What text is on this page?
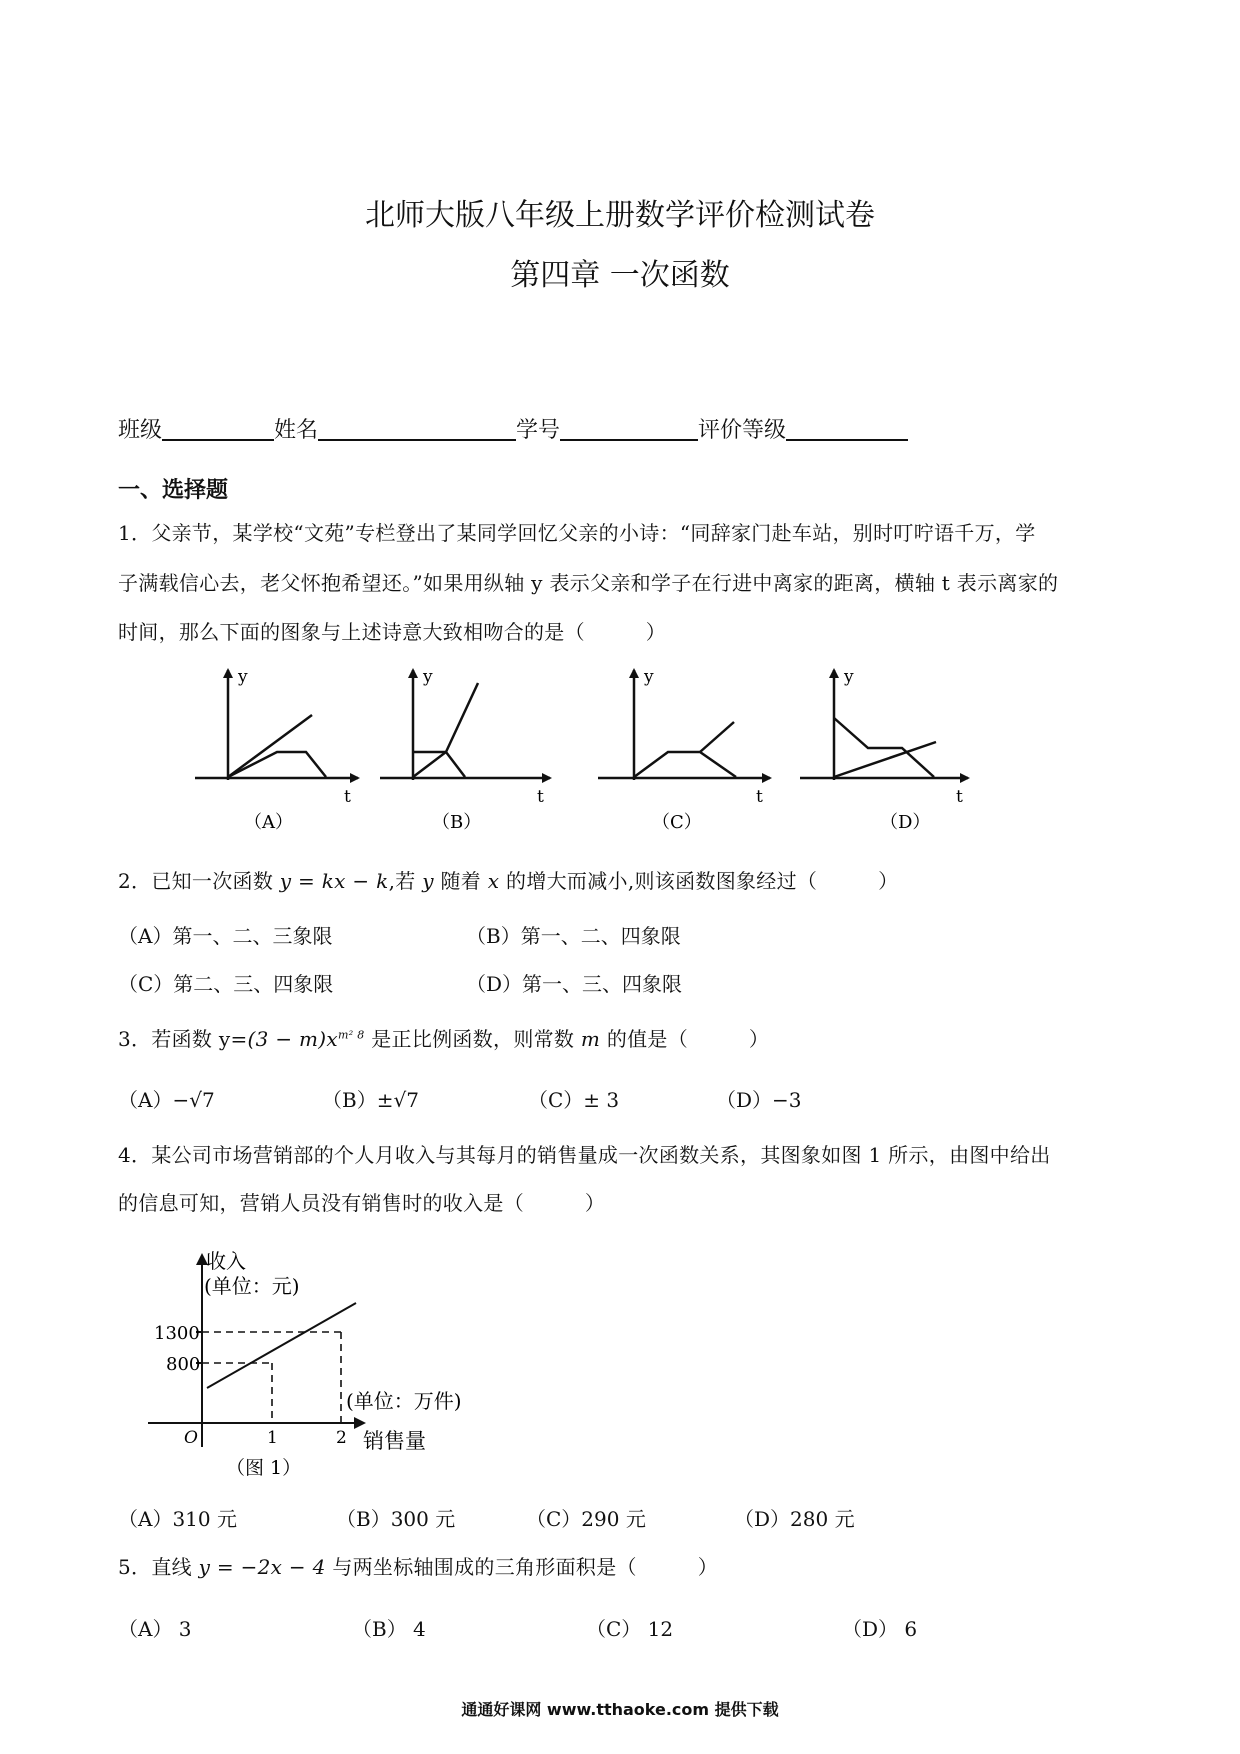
北师大版八年级上册数学评价检测试卷
第四章 一次函数
班级	姓名	学号	评价等级
一、选择题
1．父亲节，某学校“文苑”专栏登出了某同学回忆父亲的小诗：“同辞家门赴车站，别时叮咛语千万，学
子满载信心去，老父怀抱希望还。”如果用纵轴 y 表示父亲和学子在行进中离家的距离，横轴 t 表示离家的
时间，那么下面的图象与上述诗意大致相吻合的是（　　　）
y
t
（A）
y
t
（B）
y
t
（C）
y
t
（D）
2．已知一次函数 y = kx − k,若 y 随着 x 的增大而减小,则该函数图象经过（　　　）
（A）第一、二、三象限	（B）第一、二、四象限
（C）第二、三、四象限	（D）第一、三、四象限
3．若函数 $y=(3 - m)x^{m^2 8}$ 是正比例函数，则常数 m 的值是（　　　）
（A）−√7	（B）±√7	（C）± 3	（D）−3
4．某公司市场营销部的个人月收入与其每月的销售量成一次函数关系，其图象如图 1 所示，由图中给出
的信息可知，营销人员没有销售时的收入是（　　　）
收入
(单位：元)
1300
800
(单位：万件)
O	1	2 销售量
（图 1）
（A）310 元	（B）300 元	（C）290 元	（D）280 元
5．直线 y = −2x − 4 与两坐标轴围成的三角形面积是（　　　）
（A） 3	（B） 4	（C） 12	（D） 6
通通好课网 www.tthaoke.com 提供下载
